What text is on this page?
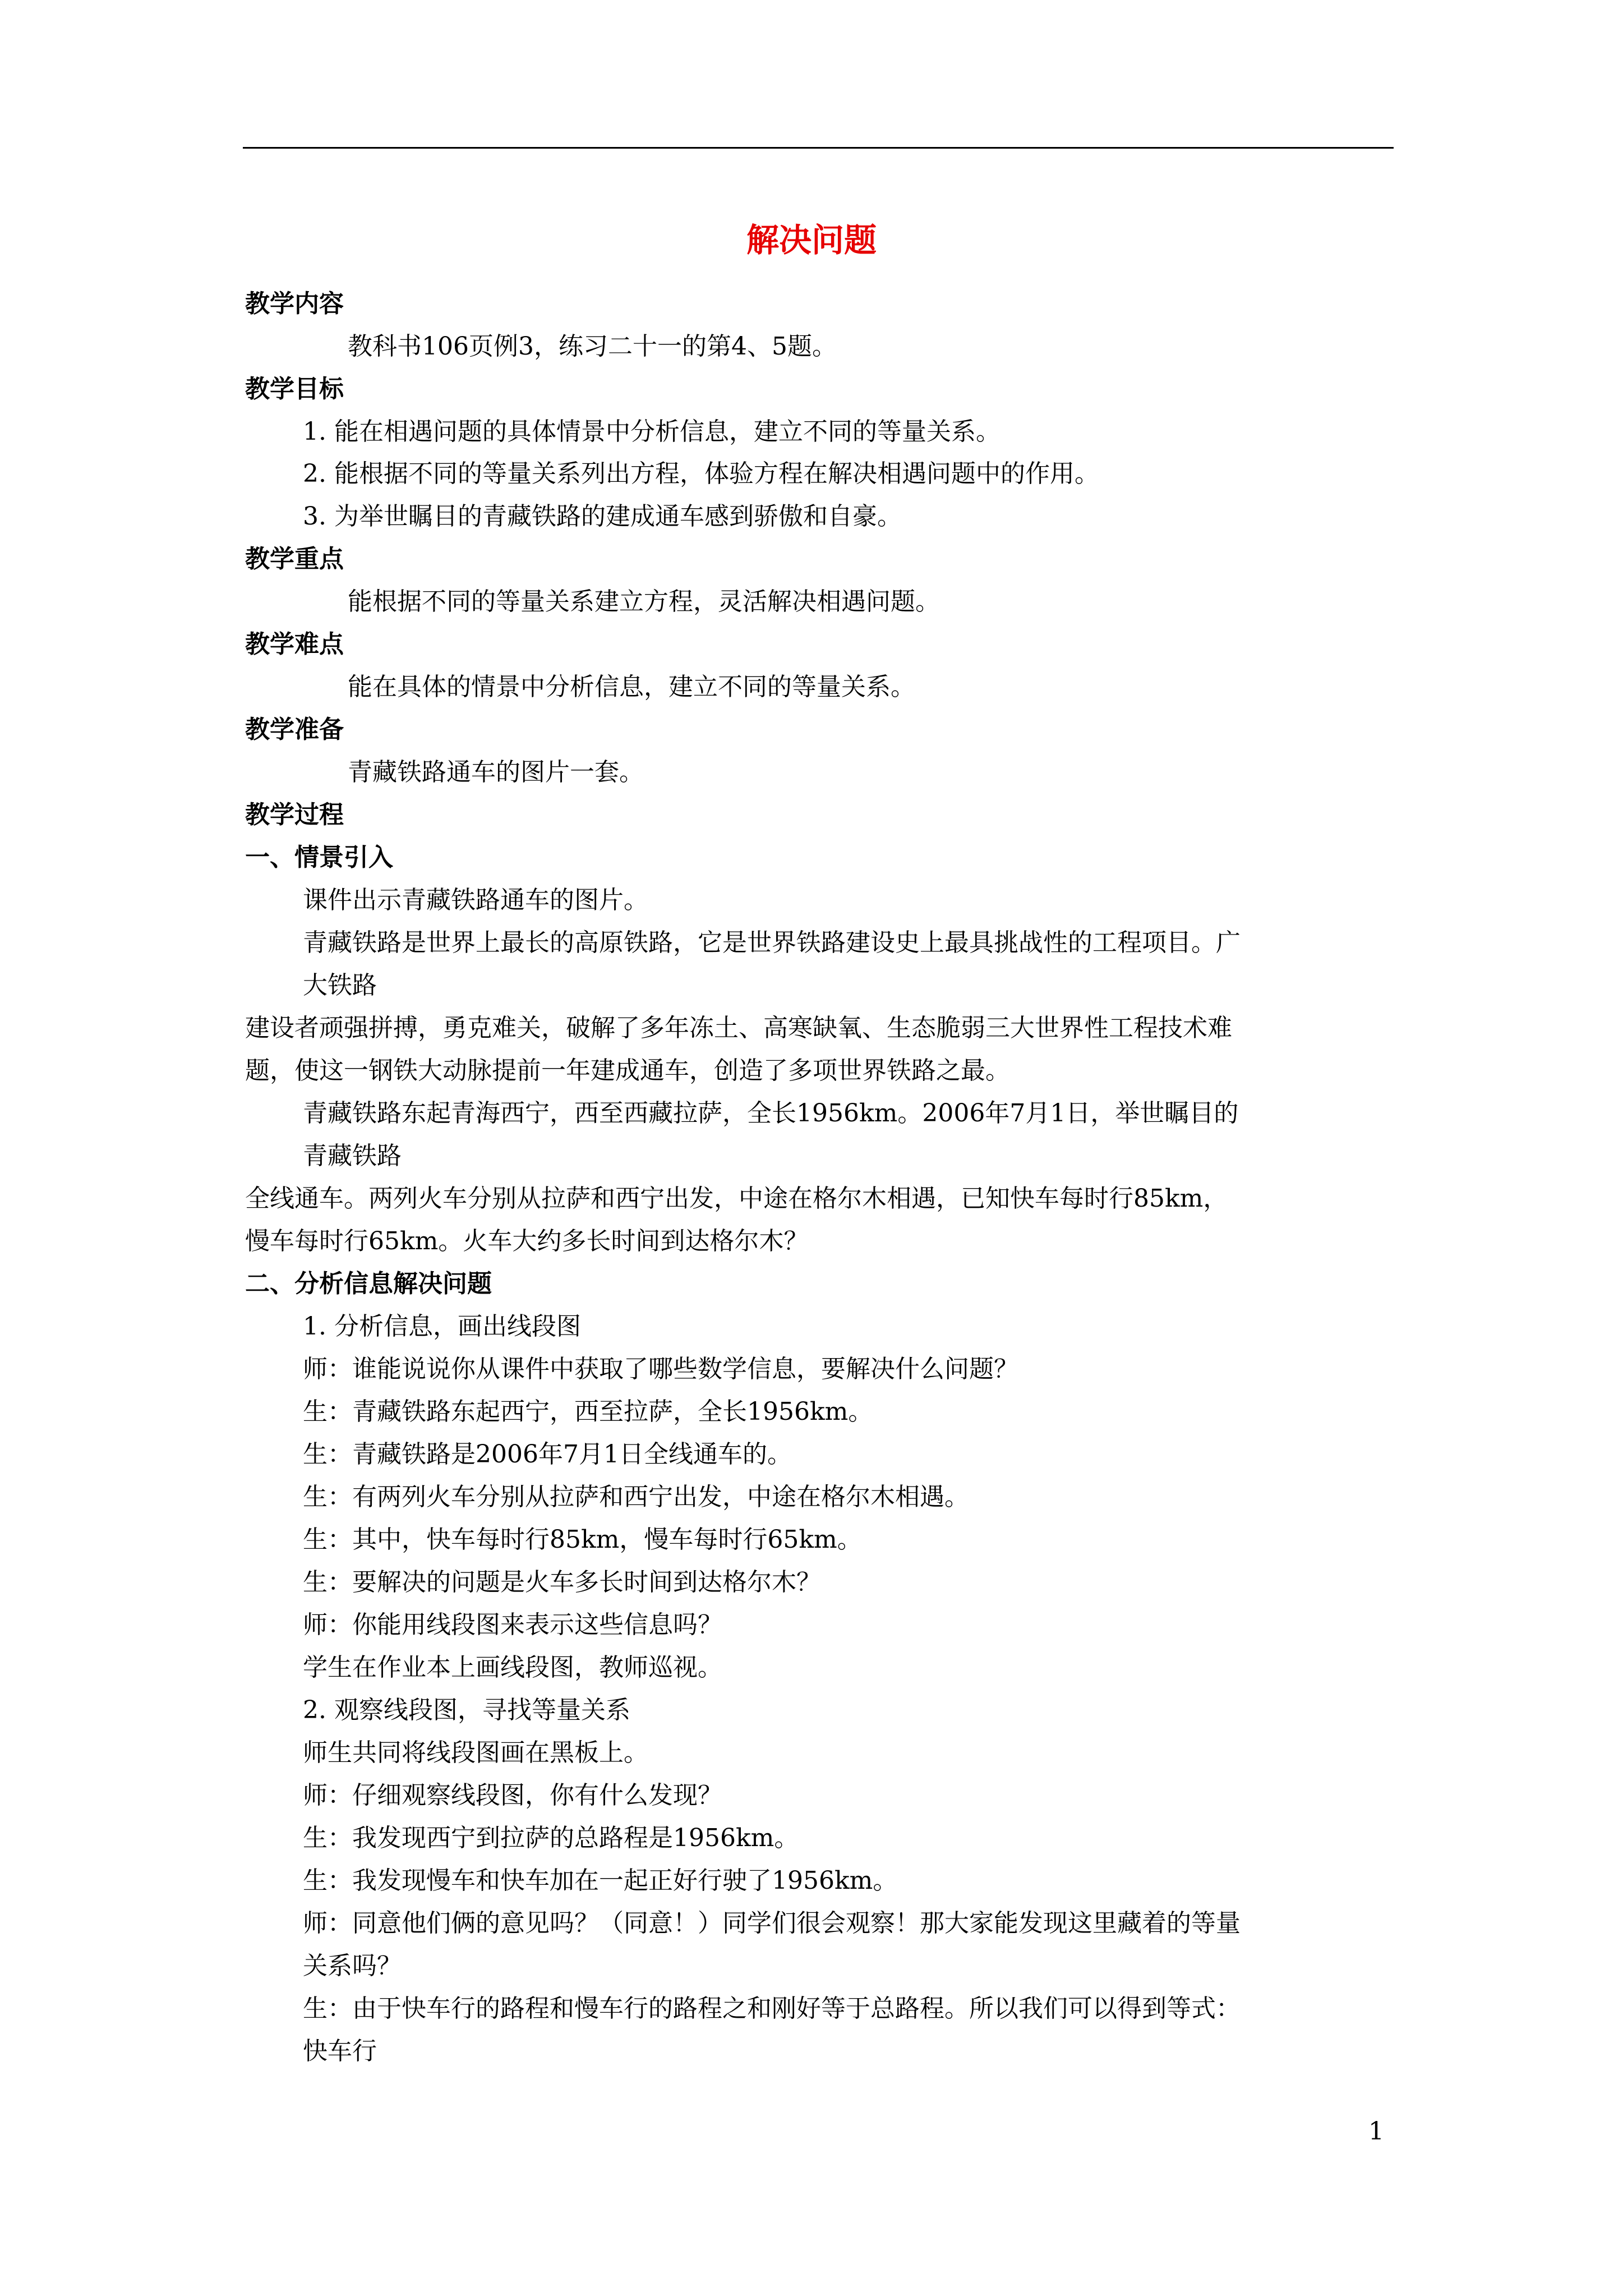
解决问题
教学内容
教科书106页例3，练习二十一的第4、5题。
教学目标
1. 能在相遇问题的具体情景中分析信息，建立不同的等量关系。
2. 能根据不同的等量关系列出方程，体验方程在解决相遇问题中的作用。
3. 为举世瞩目的青藏铁路的建成通车感到骄傲和自豪。
教学重点
能根据不同的等量关系建立方程，灵活解决相遇问题。
教学难点
能在具体的情景中分析信息，建立不同的等量关系。
教学准备
青藏铁路通车的图片一套。
教学过程
一、情景引入
课件出示青藏铁路通车的图片。
青藏铁路是世界上最长的高原铁路，它是世界铁路建设史上最具挑战性的工程项目。广
大铁路
建设者顽强拼搏，勇克难关，破解了多年冻土、高寒缺氧、生态脆弱三大世界性工程技术难
题，使这一钢铁大动脉提前一年建成通车，创造了多项世界铁路之最。
青藏铁路东起青海西宁，西至西藏拉萨，全长1956km。2006年7月1日，举世瞩目的
青藏铁路
全线通车。两列火车分别从拉萨和西宁出发，中途在格尔木相遇，已知快车每时行85km，
慢车每时行65km。火车大约多长时间到达格尔木？
二、分析信息解决问题
1. 分析信息，画出线段图
师：谁能说说你从课件中获取了哪些数学信息，要解决什么问题？
生：青藏铁路东起西宁，西至拉萨，全长1956km。
生：青藏铁路是2006年7月1日全线通车的。
生：有两列火车分别从拉萨和西宁出发，中途在格尔木相遇。
生：其中，快车每时行85km，慢车每时行65km。
生：要解决的问题是火车多长时间到达格尔木？
师：你能用线段图来表示这些信息吗？
学生在作业本上画线段图，教师巡视。
2. 观察线段图，寻找等量关系
师生共同将线段图画在黑板上。
师：仔细观察线段图，你有什么发现？
生：我发现西宁到拉萨的总路程是1956km。
生：我发现慢车和快车加在一起正好行驶了1956km。
师：同意他们俩的意见吗？（同意！）同学们很会观察！那大家能发现这里藏着的等量
关系吗？
生：由于快车行的路程和慢车行的路程之和刚好等于总路程。所以我们可以得到等式：
快车行
1
